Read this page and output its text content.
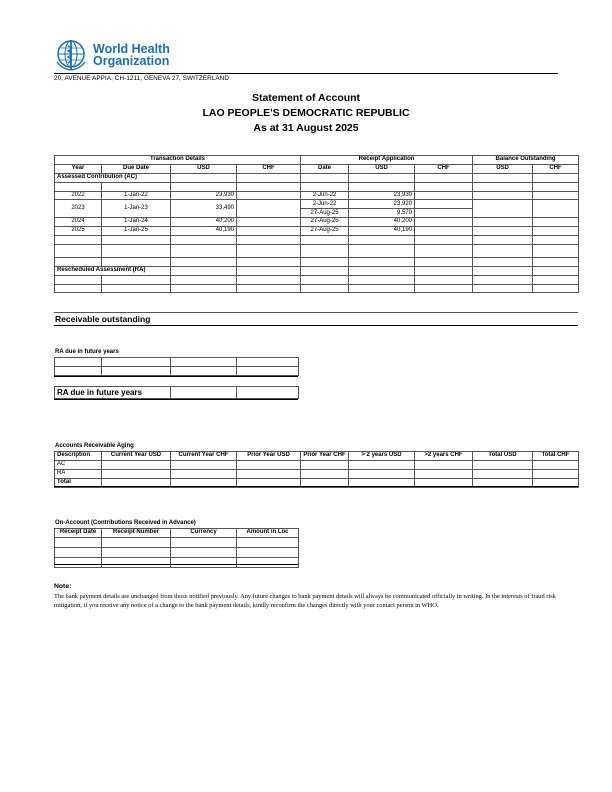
World Health
Organization
20, AVENUE APPIA, CH-1211, GENEVA 27, SWITZERLAND
Statement of Account
LAO PEOPLE'S DEMOCRATIC REPUBLIC
As at 31 August 2025
Transaction Details				Receipt Application			Balance Outstanding	
Year	Due Date	USD	CHF	Date	USD	CHF	USD	CHF
Assessed Contribution (AC)								

2022	1-Jan-22	23,930		2-Jun-22	23,930			
2023	1-Jan-23	33,490		2-Jun-22	23,920			
				27-Aug-25	9,570			
2024	1-Jan-24	40,200		27-Aug-25	40,200			
2025	1-Jan-25	40,190		27-Aug-25	40,190			

Rescheduled Assessment (RA)								

Receivable outstanding
RA due in future years

RA due in future years		
Accounts Receivable Aging
Description	Current Year USD	Current Year CHF	Prior Year USD	Prior Year CHF	> 2 years USD	>2 years CHF	Total USD	Total CHF
AC								
RA								
Total								
On-Account (Contributions Received in Advance)
Receipt Date	Receipt Number	Currency	Amount in Loc

Note:
The bank payment details are unchanged from those notified previously. Any future changes to bank payment details will always be communicated officially in writing. In the interests of fraud risk mitigation, if you receive any notice of a change to the bank payment details, kindly reconfirm the changes directly with your contact person in WHO.
